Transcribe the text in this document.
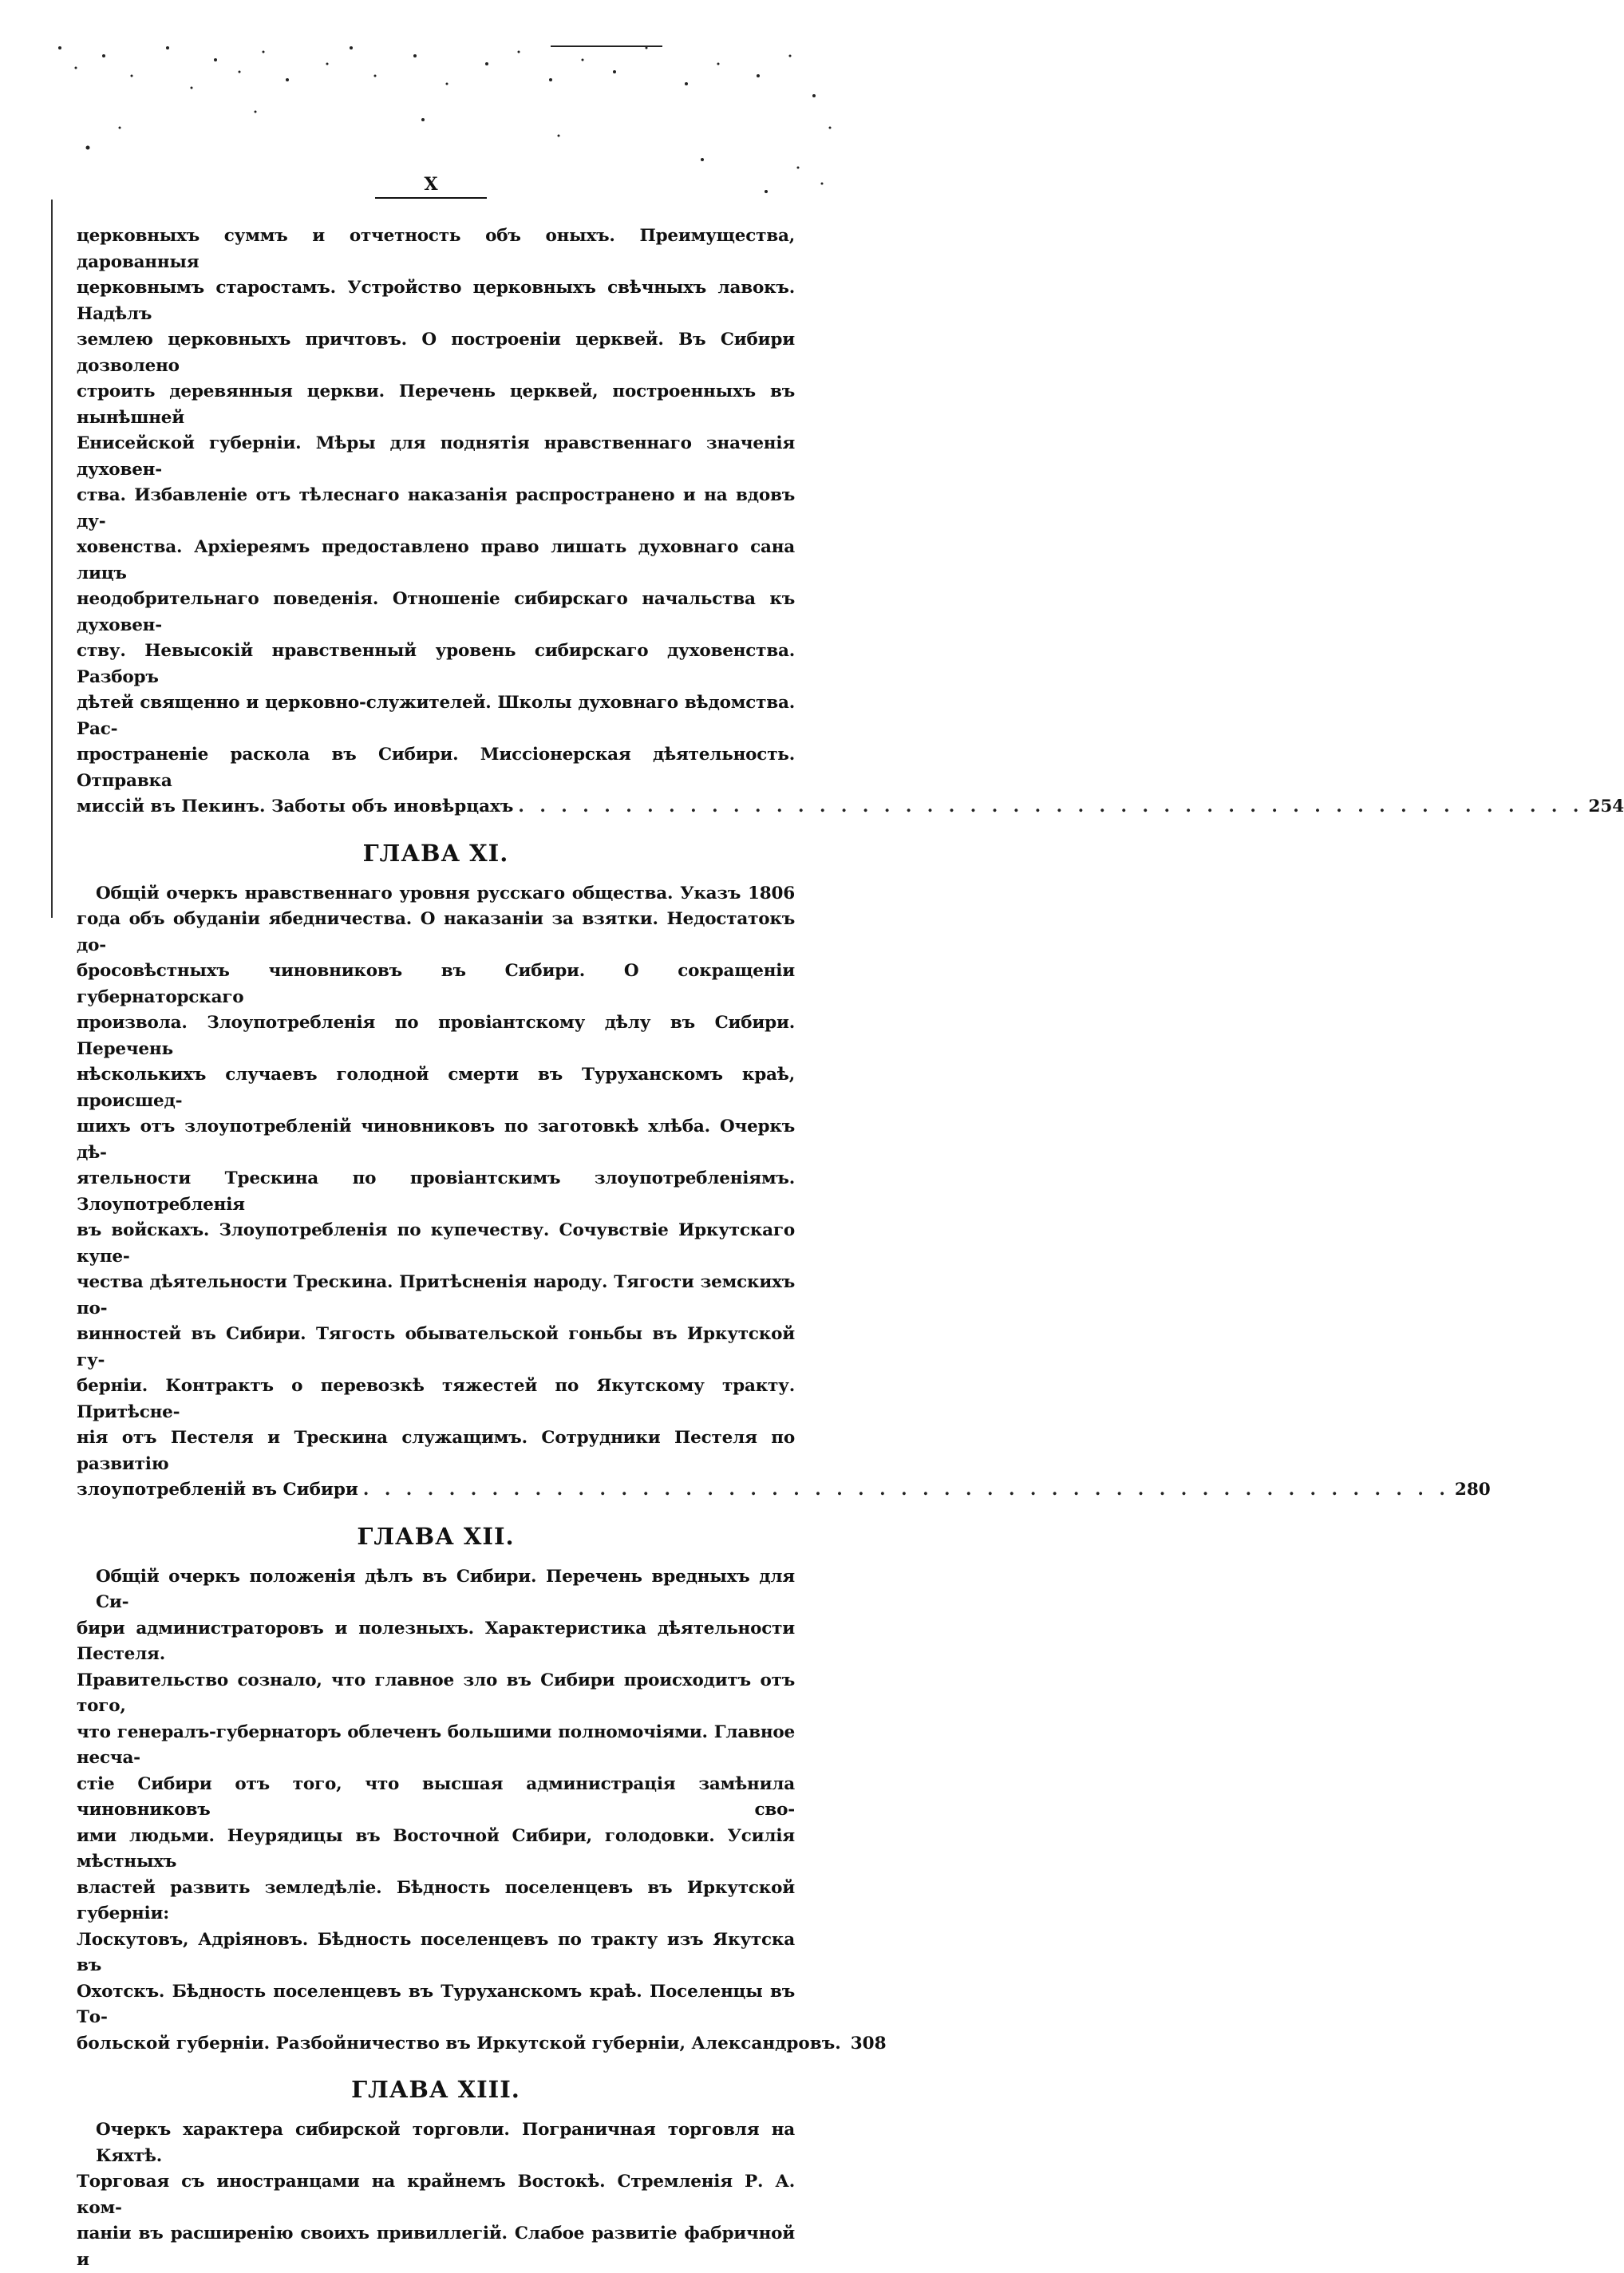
X

церковныхъ суммъ и отчетность объ оныхъ. Преимущества, дарованныя

церковнымъ старостамъ. Устройство церковныхъ свѣчныхъ лавокъ. Надѣлъ

землею церковныхъ причтовъ. О построеніи церквей. Въ Сибири дозволено

строить деревянныя церкви. Перечень церквей, построенныхъ въ нынѣшней

Енисейской губерніи. Мѣры для поднятія нравственнаго значенія духовен-

ства. Избавленіе отъ тѣлеснаго наказанія распространено и на вдовъ ду-

ховенства. Архіереямъ предоставлено право лишать духовнаго сана лицъ

неодобрительнаго поведенія. Отношеніе сибирскаго начальства къ духовен-

ству. Невысокій нравственный уровень сибирскаго духовенства. Разборъ

дѣтей священно и церковно-служителей. Школы духовнаго вѣдомства. Рас-

пространеніе раскола въ Сибири. Миссіонерская дѣятельность. Отправка

миссій въ Пекинъ. Заботы объ иновѣрцахъ . . . . . . . . . . . . . . . . . . . . . . . . . . . . . . . . . . . . . . . . . . . . . . . . . . 254
ГЛАВА XI.

Общій очеркъ нравственнаго уровня русскаго общества. Указъ 1806

года объ обуданіи ябедничества. О наказаніи за взятки. Недостатокъ до-

бросовѣстныхъ чиновниковъ въ Сибири. О сокращеніи губернаторскаго

произвола. Злоупотребленія по провіантскому дѣлу въ Сибири. Перечень

нѣсколькихъ случаевъ голодной смерти въ Туруханскомъ краѣ, происшед-

шихъ отъ злоупотребленій чиновниковъ по заготовкѣ хлѣба. Очеркъ дѣ-

ятельности Трескина по провіантскимъ злоупотребленіямъ. Злоупотребленія

въ войскахъ. Злоупотребленія по купечеству. Сочувствіе Иркутскаго купе-

чества дѣятельности Трескина. Притѣсненія народу. Тягости земскихъ по-

винностей въ Сибири. Тягость обывательской гоньбы въ Иркутской гу-

берніи. Контрактъ о перевозкѣ тяжестей по Якутскому тракту. Притѣсне-

нія отъ Пестеля и Трескина служащимъ. Сотрудники Пестеля по развитію

злоупотребленій въ Сибири . . . . . . . . . . . . . . . . . . . . . . . . . . . . . . . . . . . . . . . . . . . . . . . . . . . 280
ГЛАВА XII.

Общій очеркъ положенія дѣлъ въ Сибири. Перечень вредныхъ для Си-

бири администраторовъ и полезныхъ. Характеристика дѣятельности Пестеля.

Правительство сознало, что главное зло въ Сибири происходитъ отъ того,

что генералъ-губернаторъ облеченъ большими полномочіями. Главное несча-

стіе Сибири отъ того, что высшая администрація замѣнила чиновниковъ сво-

ими людьми. Неурядицы въ Восточной Сибири, голодовки. Усилія мѣстныхъ

властей развить земледѣліе. Бѣдность поселенцевъ въ Иркутской губерніи:

Лоскутовъ, Адріяновъ. Бѣдность поселенцевъ по тракту изъ Якутска въ

Охотскъ. Бѣдность поселенцевъ въ Туруханскомъ краѣ. Поселенцы въ То-

больской губерніи. Разбойничество въ Иркутской губерніи, Александровъ. 308
ГЛАВА XIII.

Очеркъ характера сибирской торговли. Пограничная торговля на Кяхтѣ.

Торговая съ иностранцами на крайнемъ Востокѣ. Стремленія Р. А. ком-

паніи въ расширенію своихъ привиллегій. Слабое развитіе фабричной и
